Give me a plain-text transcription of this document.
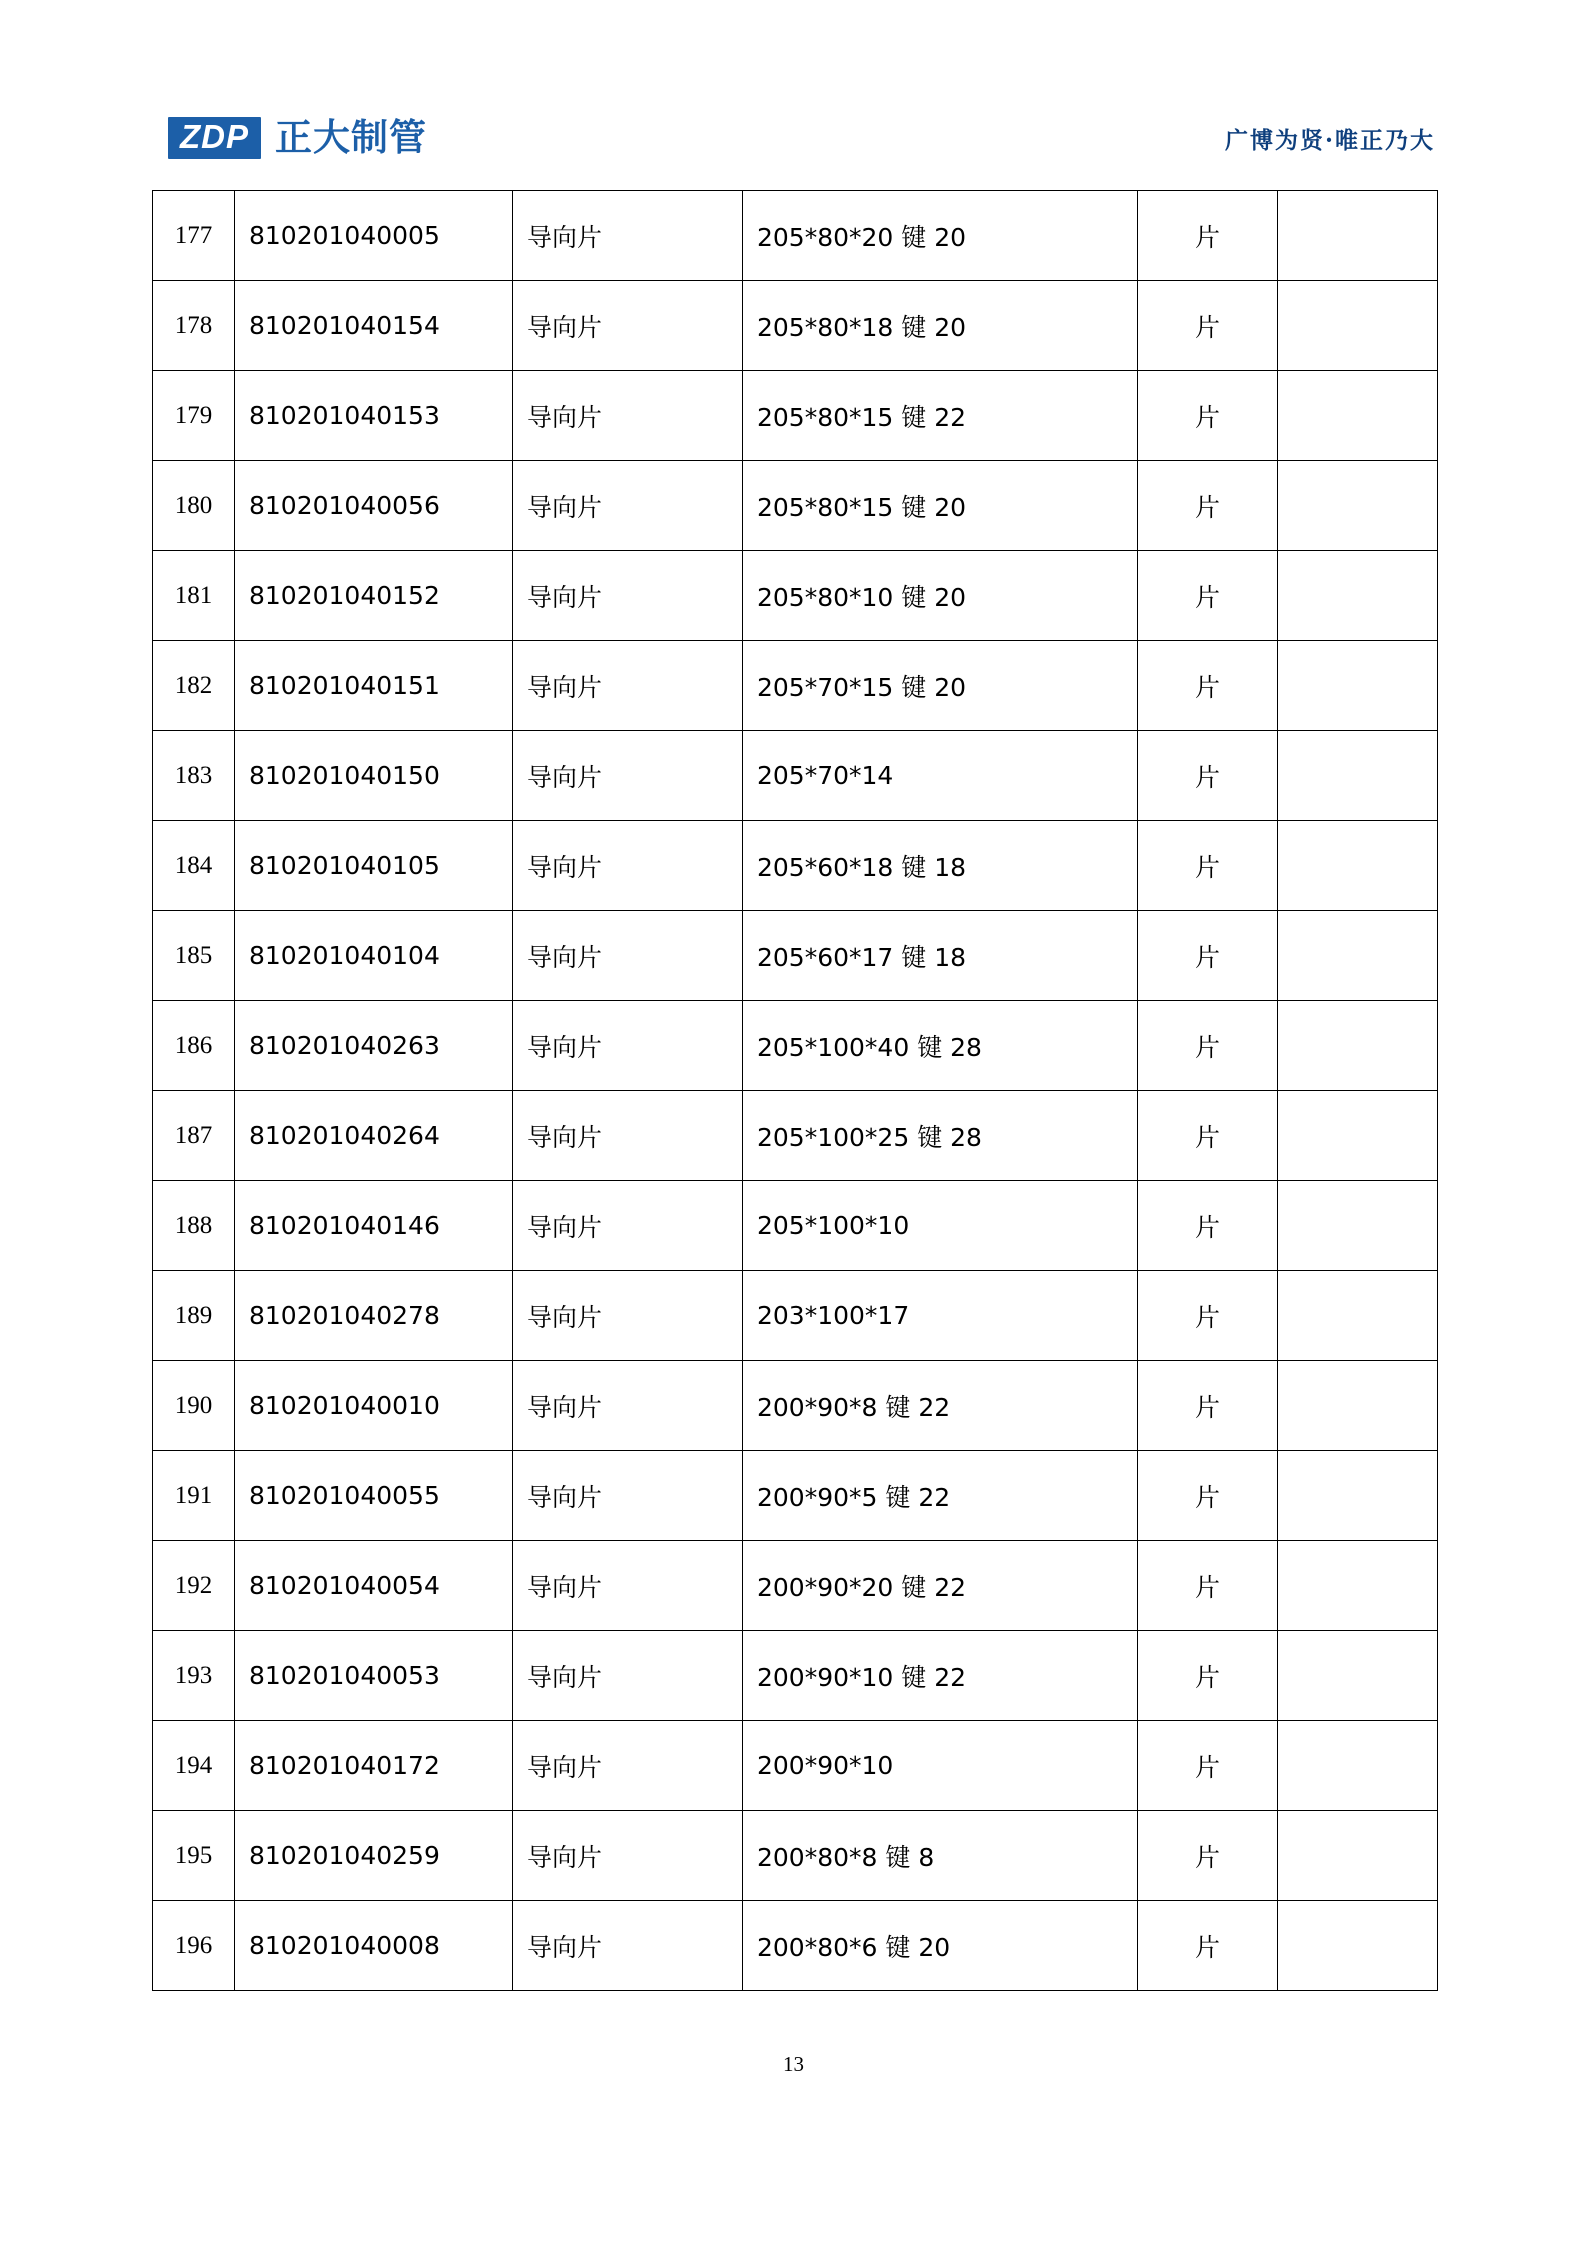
ZDP 正大制管	广博为贤·唯正乃大
177	810201040005	导向片	205*80*20 键 20	片	
178	810201040154	导向片	205*80*18 键 20	片	
179	810201040153	导向片	205*80*15 键 22	片	
180	810201040056	导向片	205*80*15 键 20	片	
181	810201040152	导向片	205*80*10 键 20	片	
182	810201040151	导向片	205*70*15 键 20	片	
183	810201040150	导向片	205*70*14	片	
184	810201040105	导向片	205*60*18 键 18	片	
185	810201040104	导向片	205*60*17 键 18	片	
186	810201040263	导向片	205*100*40 键 28	片	
187	810201040264	导向片	205*100*25 键 28	片	
188	810201040146	导向片	205*100*10	片	
189	810201040278	导向片	203*100*17	片	
190	810201040010	导向片	200*90*8 键 22	片	
191	810201040055	导向片	200*90*5 键 22	片	
192	810201040054	导向片	200*90*20 键 22	片	
193	810201040053	导向片	200*90*10 键 22	片	
194	810201040172	导向片	200*90*10	片	
195	810201040259	导向片	200*80*8 键 8	片	
196	810201040008	导向片	200*80*6 键 20	片	
13
